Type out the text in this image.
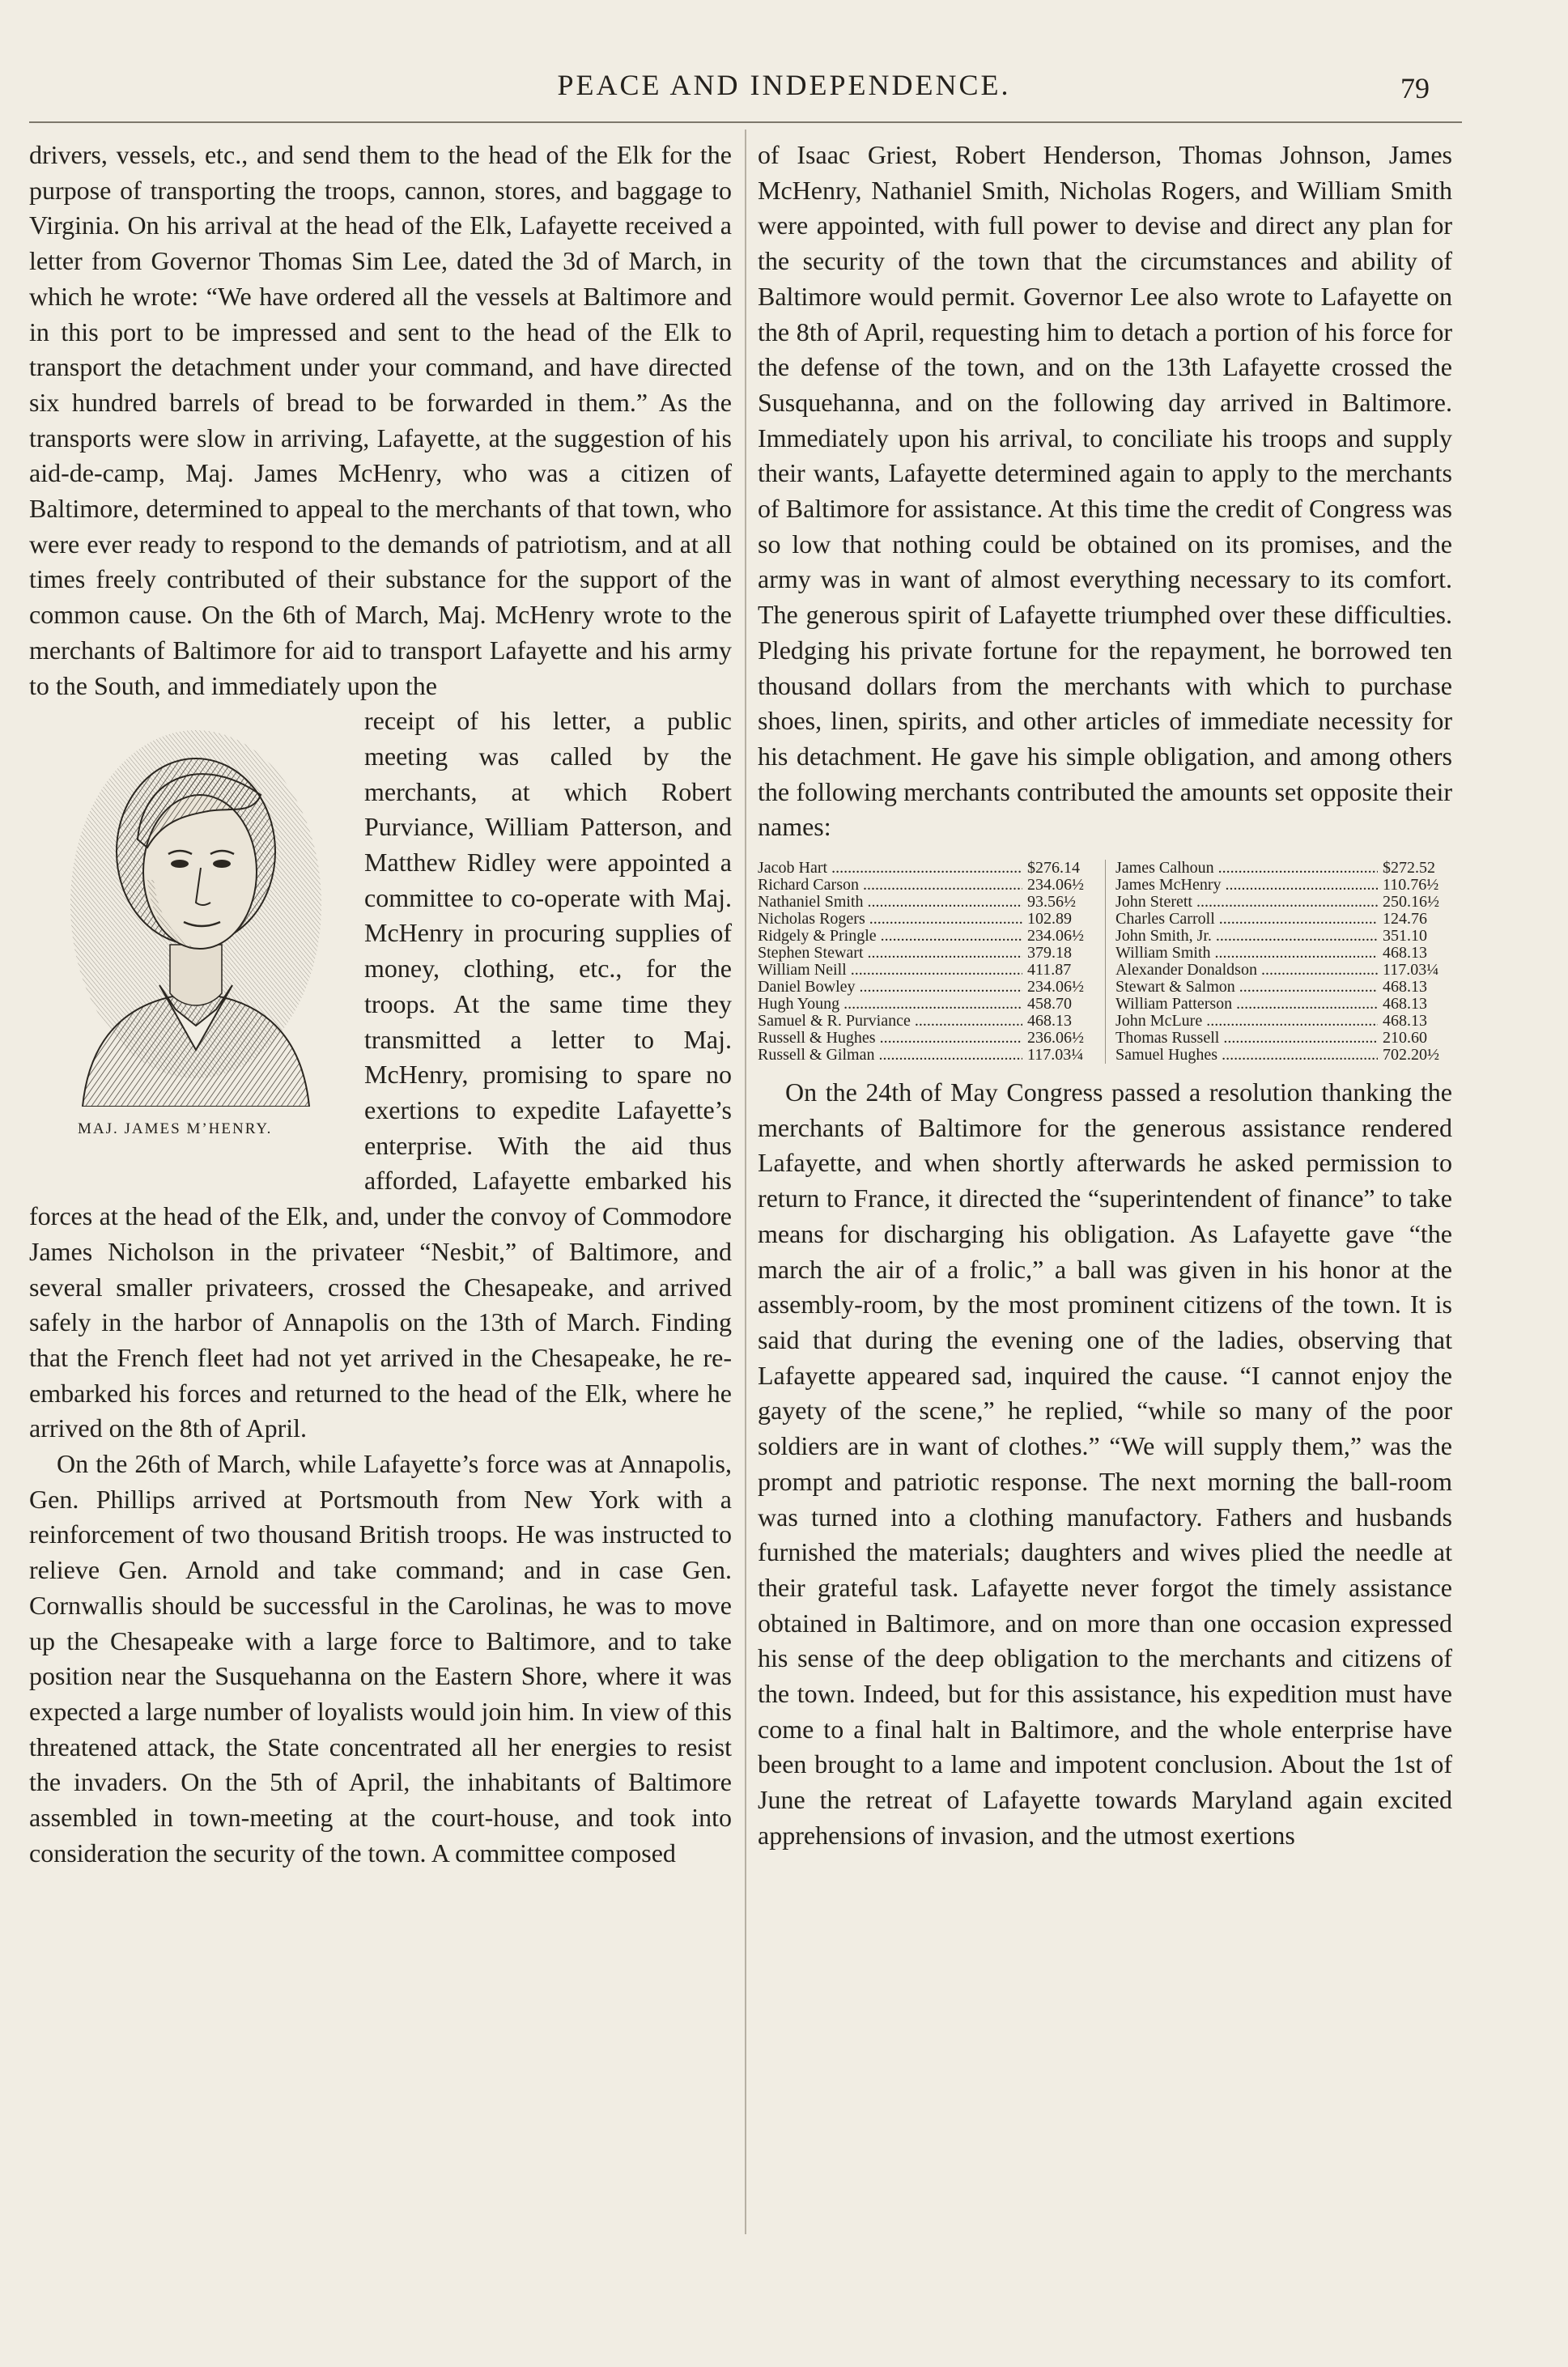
PEACE AND INDEPENDENCE.	79

drivers, vessels, etc., and send them to the head of the Elk for the purpose of transporting the troops, cannon, stores, and baggage to Virginia. On his arrival at the head of the Elk, Lafayette received a letter from Governor Thomas Sim Lee, dated the 3d of March, in which he wrote: “We have ordered all the vessels at Baltimore and in this port to be impressed and sent to the head of the Elk to transport the detachment under your command, and have directed six hundred barrels of bread to be forwarded in them.” As the transports were slow in arriving, Lafayette, at the suggestion of his aid-de-camp, Maj. James McHenry, who was a citizen of Baltimore, determined to appeal to the merchants of that town, who were ever ready to respond to the demands of patriotism, and at all times freely contributed of their substance for the support of the common cause. On the 6th of March, Maj. McHenry wrote to the merchants of Baltimore for aid to transport Lafayette and his army to the South, and immediately upon the

MAJ. JAMES M’HENRY.

receipt of his letter, a public meeting was called by the merchants, at which Robert Purviance, William Patterson, and Matthew Ridley were appointed a committee to co-operate with Maj. McHenry in procuring supplies of money, clothing, etc., for the troops. At the same time they transmitted a letter to Maj. McHenry, promising to spare no exertions to expedite Lafayette’s enterprise. With the aid thus afforded, Lafayette embarked his forces at the head of the Elk, and, under the convoy of Commodore James Nicholson in the privateer “Nesbit,” of Baltimore, and several smaller privateers, crossed the Chesapeake, and arrived safely in the harbor of Annapolis on the 13th of March. Finding that the French fleet had not yet arrived in the Chesapeake, he re-embarked his forces and returned to the head of the Elk, where he arrived on the 8th of April.

On the 26th of March, while Lafayette’s force was at Annapolis, Gen. Phillips arrived at Portsmouth from New York with a reinforcement of two thousand British troops. He was instructed to relieve Gen. Arnold and take command; and in case Gen. Cornwallis should be successful in the Carolinas, he was to move up the Chesapeake with a large force to Baltimore, and to take position near the Susquehanna on the Eastern Shore, where it was expected a large number of loyalists would join him. In view of this threatened attack, the State concentrated all her energies to resist the invaders. On the 5th of April, the inhabitants of Baltimore assembled in town-meeting at the court-house, and took into consideration the security of the town. A committee composed

of Isaac Griest, Robert Henderson, Thomas Johnson, James McHenry, Nathaniel Smith, Nicholas Rogers, and William Smith were appointed, with full power to devise and direct any plan for the security of the town that the circumstances and ability of Baltimore would permit. Governor Lee also wrote to Lafayette on the 8th of April, requesting him to detach a portion of his force for the defense of the town, and on the 13th Lafayette crossed the Susquehanna, and on the following day arrived in Baltimore. Immediately upon his arrival, to conciliate his troops and supply their wants, Lafayette determined again to apply to the merchants of Baltimore for assistance. At this time the credit of Congress was so low that nothing could be obtained on its promises, and the army was in want of almost everything necessary to its comfort. The generous spirit of Lafayette triumphed over these difficulties. Pledging his private fortune for the repayment, he borrowed ten thousand dollars from the merchants with which to purchase shoes, linen, spirits, and other articles of immediate necessity for his detachment. He gave his simple obligation, and among others the following merchants contributed the amounts set opposite their names:

Jacob Hart .....	$276.14
Richard Carson .....	234.06½
Nathaniel Smith .....	93.56½
Nicholas Rogers .....	102.89
Ridgely & Pringle .....	234.06½
Stephen Stewart .....	379.18
William Neill .....	411.87
Daniel Bowley .....	234.06½
Hugh Young .....	458.70
Samuel & R. Purviance .....	468.13
Russell & Hughes .....	236.06½
Russell & Gilman .....	117.03¼
James Calhoun .....	$272.52
James McHenry .....	110.76½
John Sterett .....	250.16½
Charles Carroll .....	124.76
John Smith, Jr. .....	351.10
William Smith .....	468.13
Alexander Donaldson .....	117.03¼
Stewart & Salmon .....	468.13
William Patterson .....	468.13
John McLure .....	468.13
Thomas Russell .....	210.60
Samuel Hughes .....	702.20½

On the 24th of May Congress passed a resolution thanking the merchants of Baltimore for the generous assistance rendered Lafayette, and when shortly afterwards he asked permission to return to France, it directed the “superintendent of finance” to take means for discharging his obligation. As Lafayette gave “the march the air of a frolic,” a ball was given in his honor at the assembly-room, by the most prominent citizens of the town. It is said that during the evening one of the ladies, observing that Lafayette appeared sad, inquired the cause. “I cannot enjoy the gayety of the scene,” he replied, “while so many of the poor soldiers are in want of clothes.” “We will supply them,” was the prompt and patriotic response. The next morning the ball-room was turned into a clothing manufactory. Fathers and husbands furnished the materials; daughters and wives plied the needle at their grateful task. Lafayette never forgot the timely assistance obtained in Baltimore, and on more than one occasion expressed his sense of the deep obligation to the merchants and citizens of the town. Indeed, but for this assistance, his expedition must have come to a final halt in Baltimore, and the whole enterprise have been brought to a lame and impotent conclusion. About the 1st of June the retreat of Lafayette towards Maryland again excited apprehensions of invasion, and the utmost exertions
